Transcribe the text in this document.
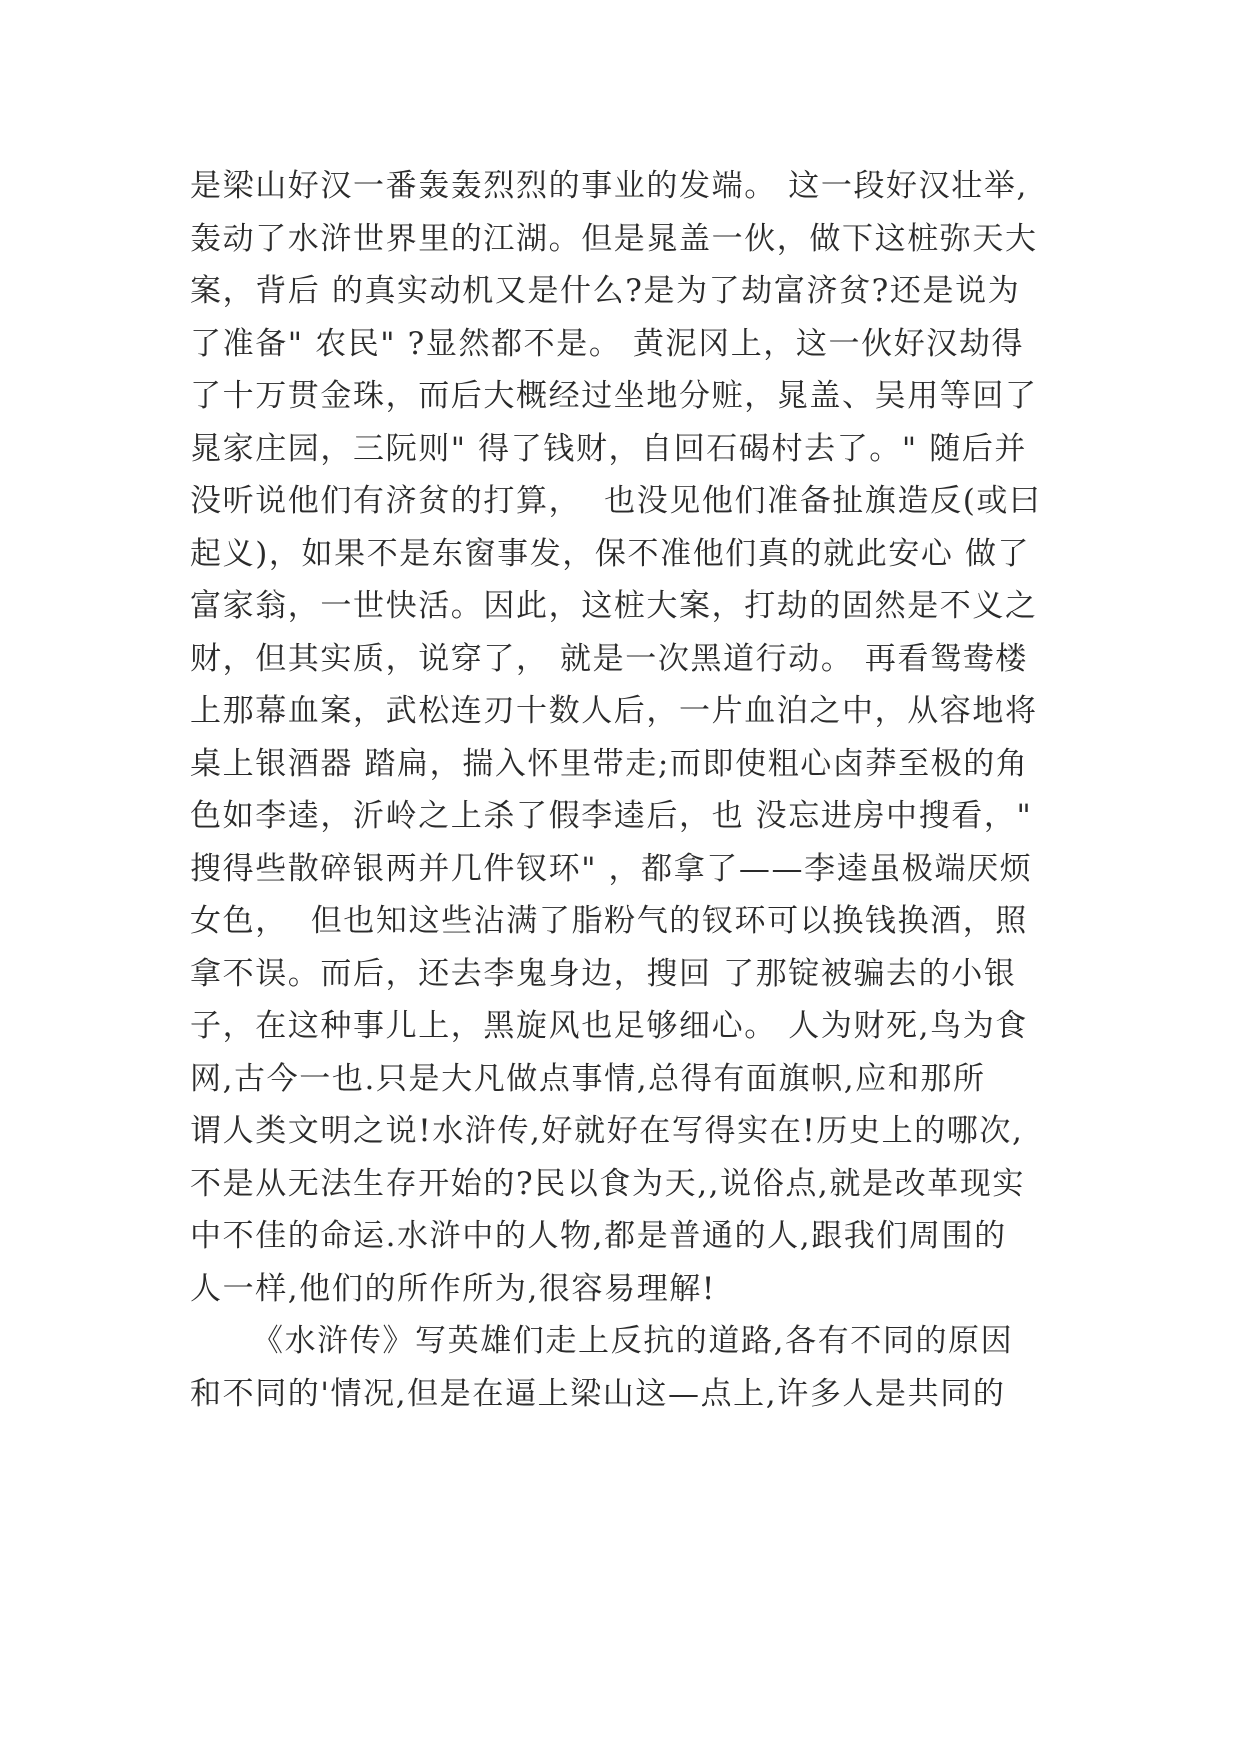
是梁山好汉一番轰轰烈烈的事业的发端。 这一段好汉壮举,
轰动了水浒世界里的江湖。但是晁盖一伙，做下这桩弥天大
案，背后 的真实动机又是什么?是为了劫富济贫?还是说为
了准备" 农民" ?显然都不是。 黄泥冈上，这一伙好汉劫得
了十万贯金珠，而后大概经过坐地分赃，晁盖、吴用等回了
晁家庄园，三阮则" 得了钱财，自回石碣村去了。" 随后并
没听说他们有济贫的打算，  也没见他们准备扯旗造反(或曰
起义)，如果不是东窗事发，保不准他们真的就此安心 做了
富家翁，一世快活。因此，这桩大案，打劫的固然是不义之
财，但其实质，说穿了， 就是一次黑道行动。 再看鸳鸯楼
上那幕血案，武松连刃十数人后，一片血泊之中，从容地将
桌上银酒器 踏扁，揣入怀里带走;而即使粗心卤莽至极的角
色如李逵，沂岭之上杀了假李逵后，也 没忘进房中搜看，"
搜得些散碎银两并几件钗环" ，都拿了——李逵虽极端厌烦
女色，  但也知这些沾满了脂粉气的钗环可以换钱换酒，照
拿不误。而后，还去李鬼身边，搜回 了那锭被骗去的小银
子，在这种事儿上，黑旋风也足够细心。 人为财死,鸟为食
网,古今一也.只是大凡做点事情,总得有面旗帜,应和那所
谓人类文明之说!水浒传,好就好在写得实在!历史上的哪次,
不是从无法生存开始的?民以食为天,,说俗点,就是改革现实
中不佳的命运.水浒中的人物,都是普通的人,跟我们周围的
人一样,他们的所作所为,很容易理解!
《水浒传》写英雄们走上反抗的道路,各有不同的原因
和不同的'情况,但是在逼上梁山这—点上,许多人是共同的
